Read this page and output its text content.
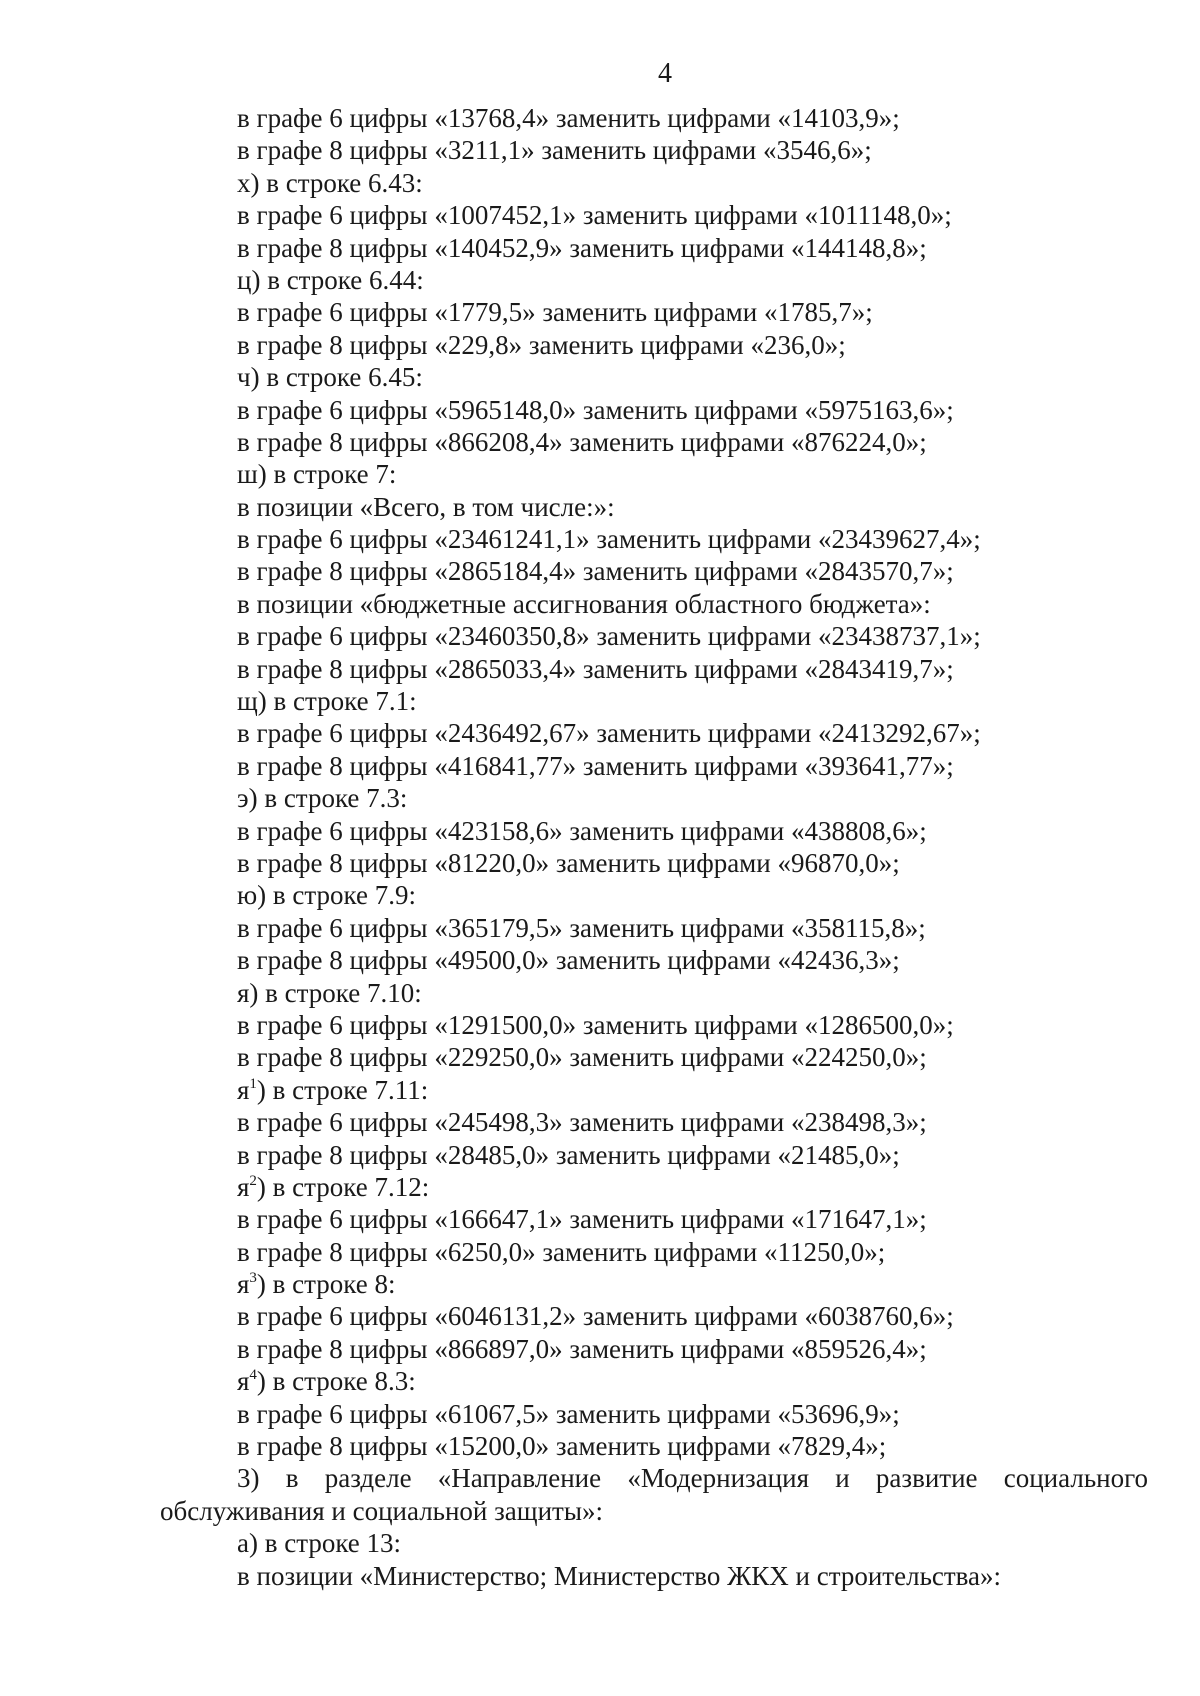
4
в графе 6 цифры «13768,4» заменить цифрами «14103,9»;
в графе 8 цифры «3211,1» заменить цифрами «3546,6»;
х) в строке 6.43:
в графе 6 цифры «1007452,1» заменить цифрами «1011148,0»;
в графе 8 цифры «140452,9» заменить цифрами «144148,8»;
ц) в строке 6.44:
в графе 6 цифры «1779,5» заменить цифрами «1785,7»;
в графе 8 цифры «229,8» заменить цифрами «236,0»;
ч) в строке 6.45:
в графе 6 цифры «5965148,0» заменить цифрами «5975163,6»;
в графе 8 цифры «866208,4» заменить цифрами «876224,0»;
ш) в строке 7:
в позиции «Всего, в том числе:»:
в графе 6 цифры «23461241,1» заменить цифрами «23439627,4»;
в графе 8 цифры «2865184,4» заменить цифрами «2843570,7»;
в позиции «бюджетные ассигнования областного бюджета»:
в графе 6 цифры «23460350,8» заменить цифрами «23438737,1»;
в графе 8 цифры «2865033,4» заменить цифрами «2843419,7»;
щ) в строке 7.1:
в графе 6 цифры «2436492,67» заменить цифрами «2413292,67»;
в графе 8 цифры «416841,77» заменить цифрами «393641,77»;
э) в строке 7.3:
в графе 6 цифры «423158,6» заменить цифрами «438808,6»;
в графе 8 цифры «81220,0» заменить цифрами «96870,0»;
ю) в строке 7.9:
в графе 6 цифры «365179,5» заменить цифрами «358115,8»;
в графе 8 цифры «49500,0» заменить цифрами «42436,3»;
я) в строке 7.10:
в графе 6 цифры «1291500,0» заменить цифрами «1286500,0»;
в графе 8 цифры «229250,0» заменить цифрами «224250,0»;
$я^1$) в строке 7.11:
в графе 6 цифры «245498,3» заменить цифрами «238498,3»;
в графе 8 цифры «28485,0» заменить цифрами «21485,0»;
$я^2$) в строке 7.12:
в графе 6 цифры «166647,1» заменить цифрами «171647,1»;
в графе 8 цифры «6250,0» заменить цифрами «11250,0»;
$я^3$) в строке 8:
в графе 6 цифры «6046131,2» заменить цифрами «6038760,6»;
в графе 8 цифры «866897,0» заменить цифрами «859526,4»;
$я^4$) в строке 8.3:
в графе 6 цифры «61067,5» заменить цифрами «53696,9»;
в графе 8 цифры «15200,0» заменить цифрами «7829,4»;
3) в разделе «Направление «Модернизация и развитие социального
обслуживания и социальной защиты»:
а) в строке 13:
в позиции «Министерство; Министерство ЖКХ и строительства»:
